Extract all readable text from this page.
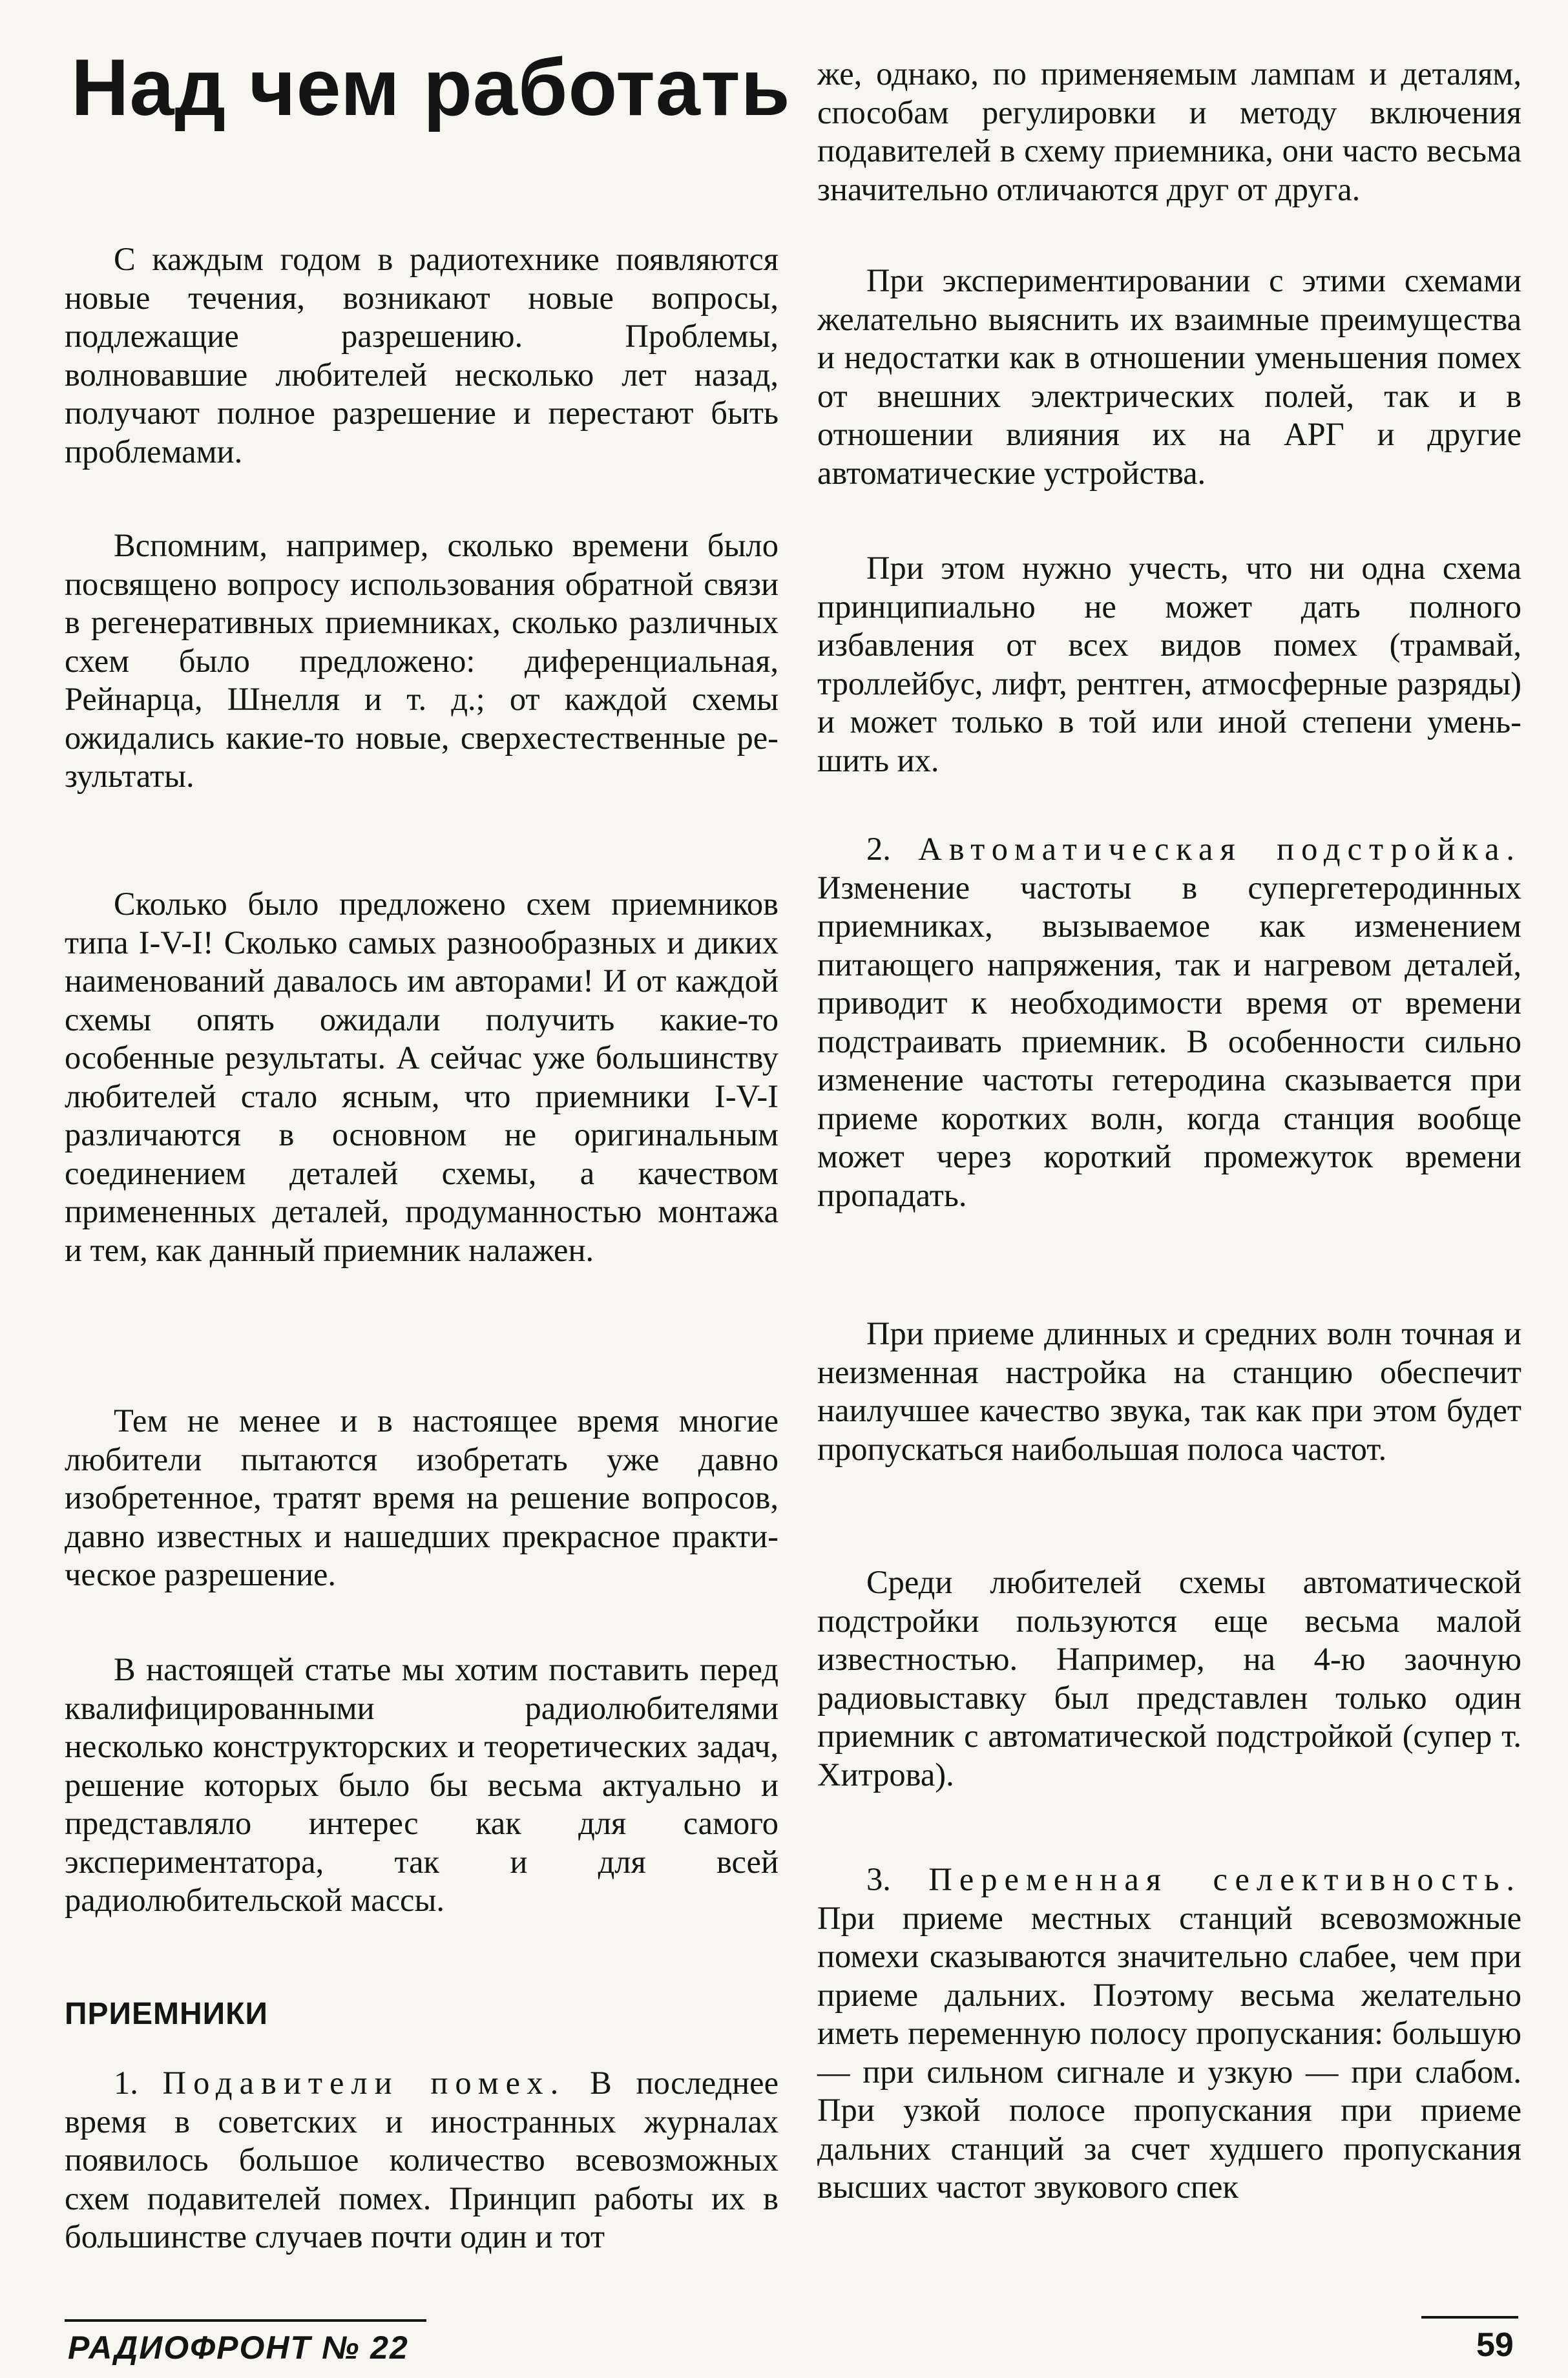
Над чем работать

С каждым годом в радиотехнике появляются новые течения, возникают новые вопросы, подлежащие разрешению. Проблемы, волновавшие любителей несколько лет назад, получают полное разрешение и перестают быть проблемами.

Вспомним, например, сколько времени было посвящено вопросу использования обратной связи в регенеративных приемниках, сколько различных схем было предложено: диференциальная, Рейнарца, Шнелля и т. д.; от каждой схемы ожидались какие-то новые, сверхестественные результаты.

Сколько было предложено схем приемников типа I-V-I! Сколько самых разнообразных и диких наименований давалось им авторами! И от каждой схемы опять ожидали получить какие-то особенные результаты. А сейчас уже большинству любителей стало ясным, что приемники I-V-I различаются в основном не оригинальным соединением деталей схемы, а качеством примененных деталей, продуманностью монтажа и тем, как данный приемник налажен.

Тем не менее и в настоящее время многие любители пытаются изобретать уже давно изобретенное, тратят время на решение вопросов, давно известных и нашедших прекрасное практическое разрешение.

В настоящей статье мы хотим поставить перед квалифицированными радиолюбителями несколько конструкторских и теоретических задач, решение которых было бы весьма актуально и представляло интерес как для самого экспериментатора, так и для всей радиолюбительской массы.

ПРИЕМНИКИ

1. Подавители помех. В последнее время в советских и иностранных журналах появилось большое количество всевозможных схем подавителей помех. Принцип работы их в большинстве случаев почти один и тот

же, однако, по применяемым лампам и деталям, способам регулировки и методу включения подавителей в схему приемника, они часто весьма значительно отличаются друг от друга.

При экспериментировании с этими схемами желательно выяснить их взаимные преимущества и недостатки как в отношении уменьшения помех от внешних электрических полей, так и в отношении влияния их на АРГ и другие автоматические устройства.

При этом нужно учесть, что ни одна схема принципиально не может дать полного избавления от всех видов помех (трамвай, троллейбус, лифт, рентген, атмосферные разряды) и может только в той или иной степени уменьшить их.

2. Автоматическая подстройка. Изменение частоты в супергетеродинных приемниках, вызываемое как изменением питающего напряжения, так и нагревом деталей, приводит к необходимости время от времени подстраивать приемник. В особенности сильно изменение частоты гетеродина сказывается при приеме коротких волн, когда станция вообще может через короткий промежуток времени пропадать.

При приеме длинных и средних волн точная и неизменная настройка на станцию обеспечит наилучшее качество звука, так как при этом будет пропускаться наибольшая полоса частот.

Среди любителей схемы автоматической подстройки пользуются еще весьма малой известностью. Например, на 4-ю заочную радиовыставку был представлен только один приемник с автоматической подстройкой (супер т. Хитрова).

3. Переменная селективность. При приеме местных станций всевозможные помехи сказываются значительно слабее, чем при приеме дальних. Поэтому весьма желательно иметь переменную полосу пропускания: большую— при сильном сигнале и узкую — при слабом. При узкой полосе пропускания при приеме дальних станций за счет худшего пропускания высших частот звукового спек

РАДИОФРОНТ № 22	59
